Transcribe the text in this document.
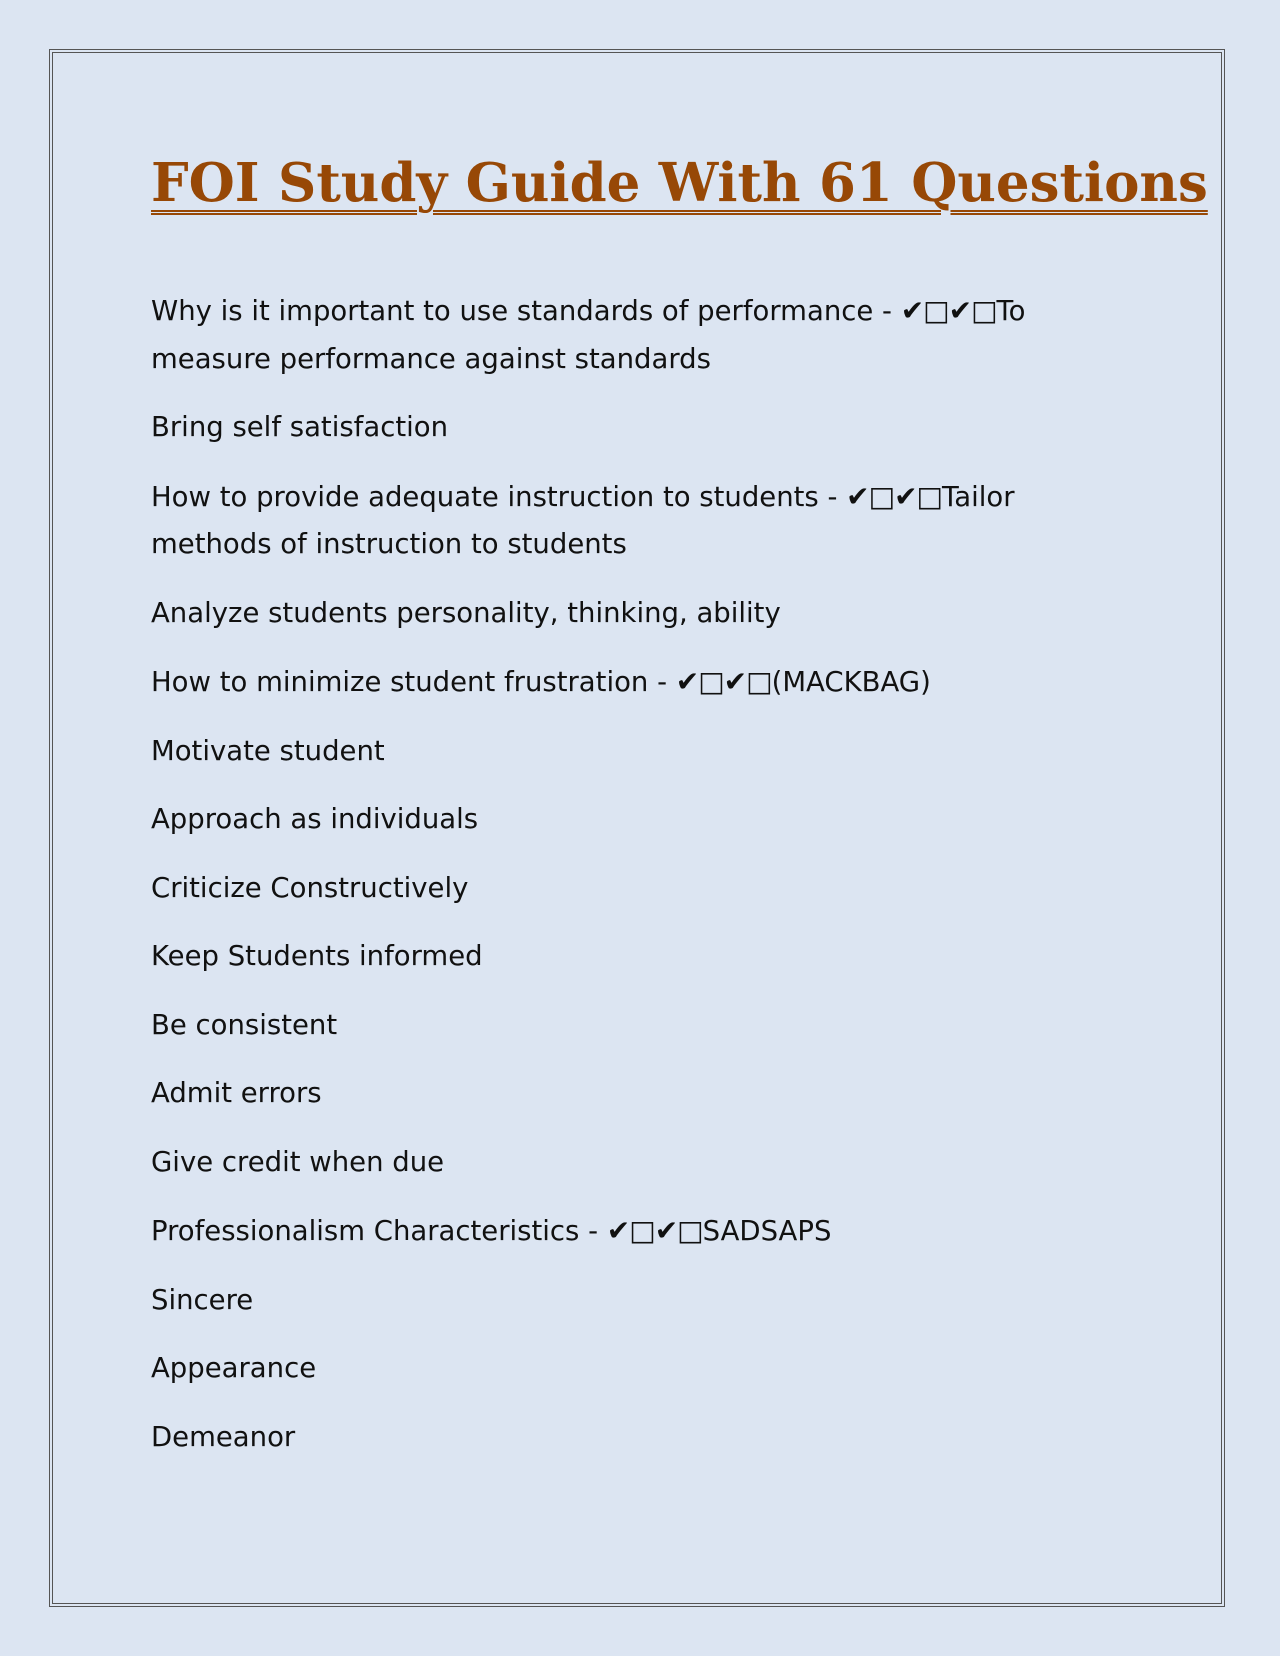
FOI Study Guide With 61 Questions

Why is it important to use standards of performance - ✔□✔□To measure performance against standards

Bring self satisfaction

How to provide adequate instruction to students - ✔□✔□Tailor methods of instruction to students

Analyze students personality, thinking, ability

How to minimize student frustration - ✔□✔□(MACKBAG)

Motivate student

Approach as individuals

Criticize Constructively

Keep Students informed

Be consistent

Admit errors

Give credit when due

Professionalism Characteristics - ✔□✔□SADSAPS

Sincere

Appearance

Demeanor
